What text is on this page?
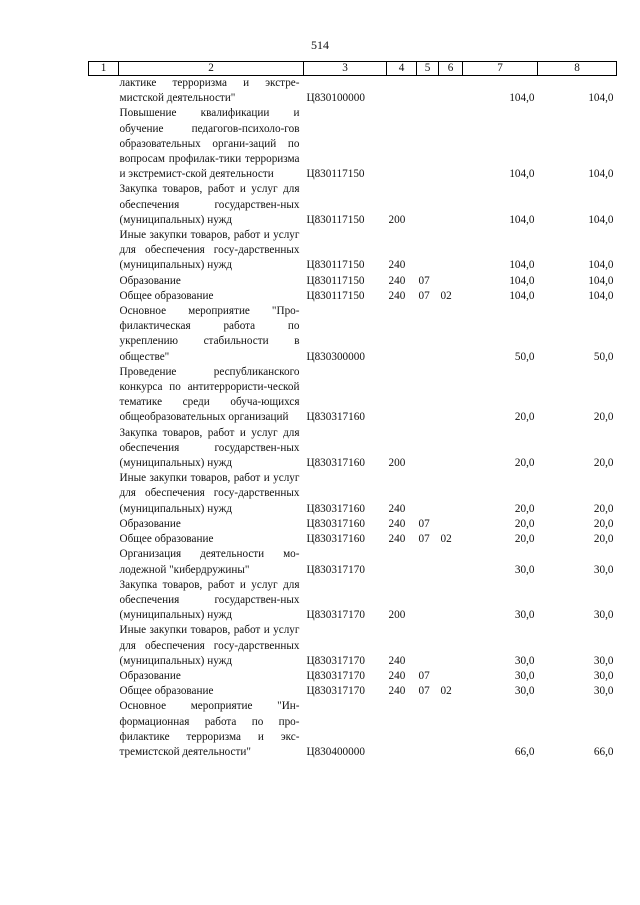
514
1	2	3	4	5	6	7	8
	лактике терроризма и экстре-мистской деятельности"	Ц830100000				104,0	104,0
	Повышение квалификации и обучение педагогов-психоло-гов образовательных органи-заций по вопросам профилак-тики терроризма и экстремист-ской деятельности	Ц830117150				104,0	104,0
	Закупка товаров, работ и услуг для обеспечения государствен-ных (муниципальных) нужд	Ц830117150	200			104,0	104,0
	Иные закупки товаров, работ и услуг для обеспечения госу-дарственных (муниципальных) нужд	Ц830117150	240			104,0	104,0
	Образование	Ц830117150	240	07		104,0	104,0
	Общее образование	Ц830117150	240	07	02	104,0	104,0
	Основное мероприятие "Про-филактическая работа по укреплению стабильности в обществе"	Ц830300000				50,0	50,0
	Проведение республиканского конкурса по антитеррористи-ческой тематике среди обуча-ющихся общеобразовательных организаций	Ц830317160				20,0	20,0
	Закупка товаров, работ и услуг для обеспечения государствен-ных (муниципальных) нужд	Ц830317160	200			20,0	20,0
	Иные закупки товаров, работ и услуг для обеспечения госу-дарственных (муниципальных) нужд	Ц830317160	240			20,0	20,0
	Образование	Ц830317160	240	07		20,0	20,0
	Общее образование	Ц830317160	240	07	02	20,0	20,0
	Организация деятельности мо-лодежной "кибердружины"	Ц830317170				30,0	30,0
	Закупка товаров, работ и услуг для обеспечения государствен-ных (муниципальных) нужд	Ц830317170	200			30,0	30,0
	Иные закупки товаров, работ и услуг для обеспечения госу-дарственных (муниципальных) нужд	Ц830317170	240			30,0	30,0
	Образование	Ц830317170	240	07		30,0	30,0
	Общее образование	Ц830317170	240	07	02	30,0	30,0
	Основное мероприятие "Ин-формационная работа по про-филактике терроризма и экс-тремистской деятельности"	Ц830400000				66,0	66,0
